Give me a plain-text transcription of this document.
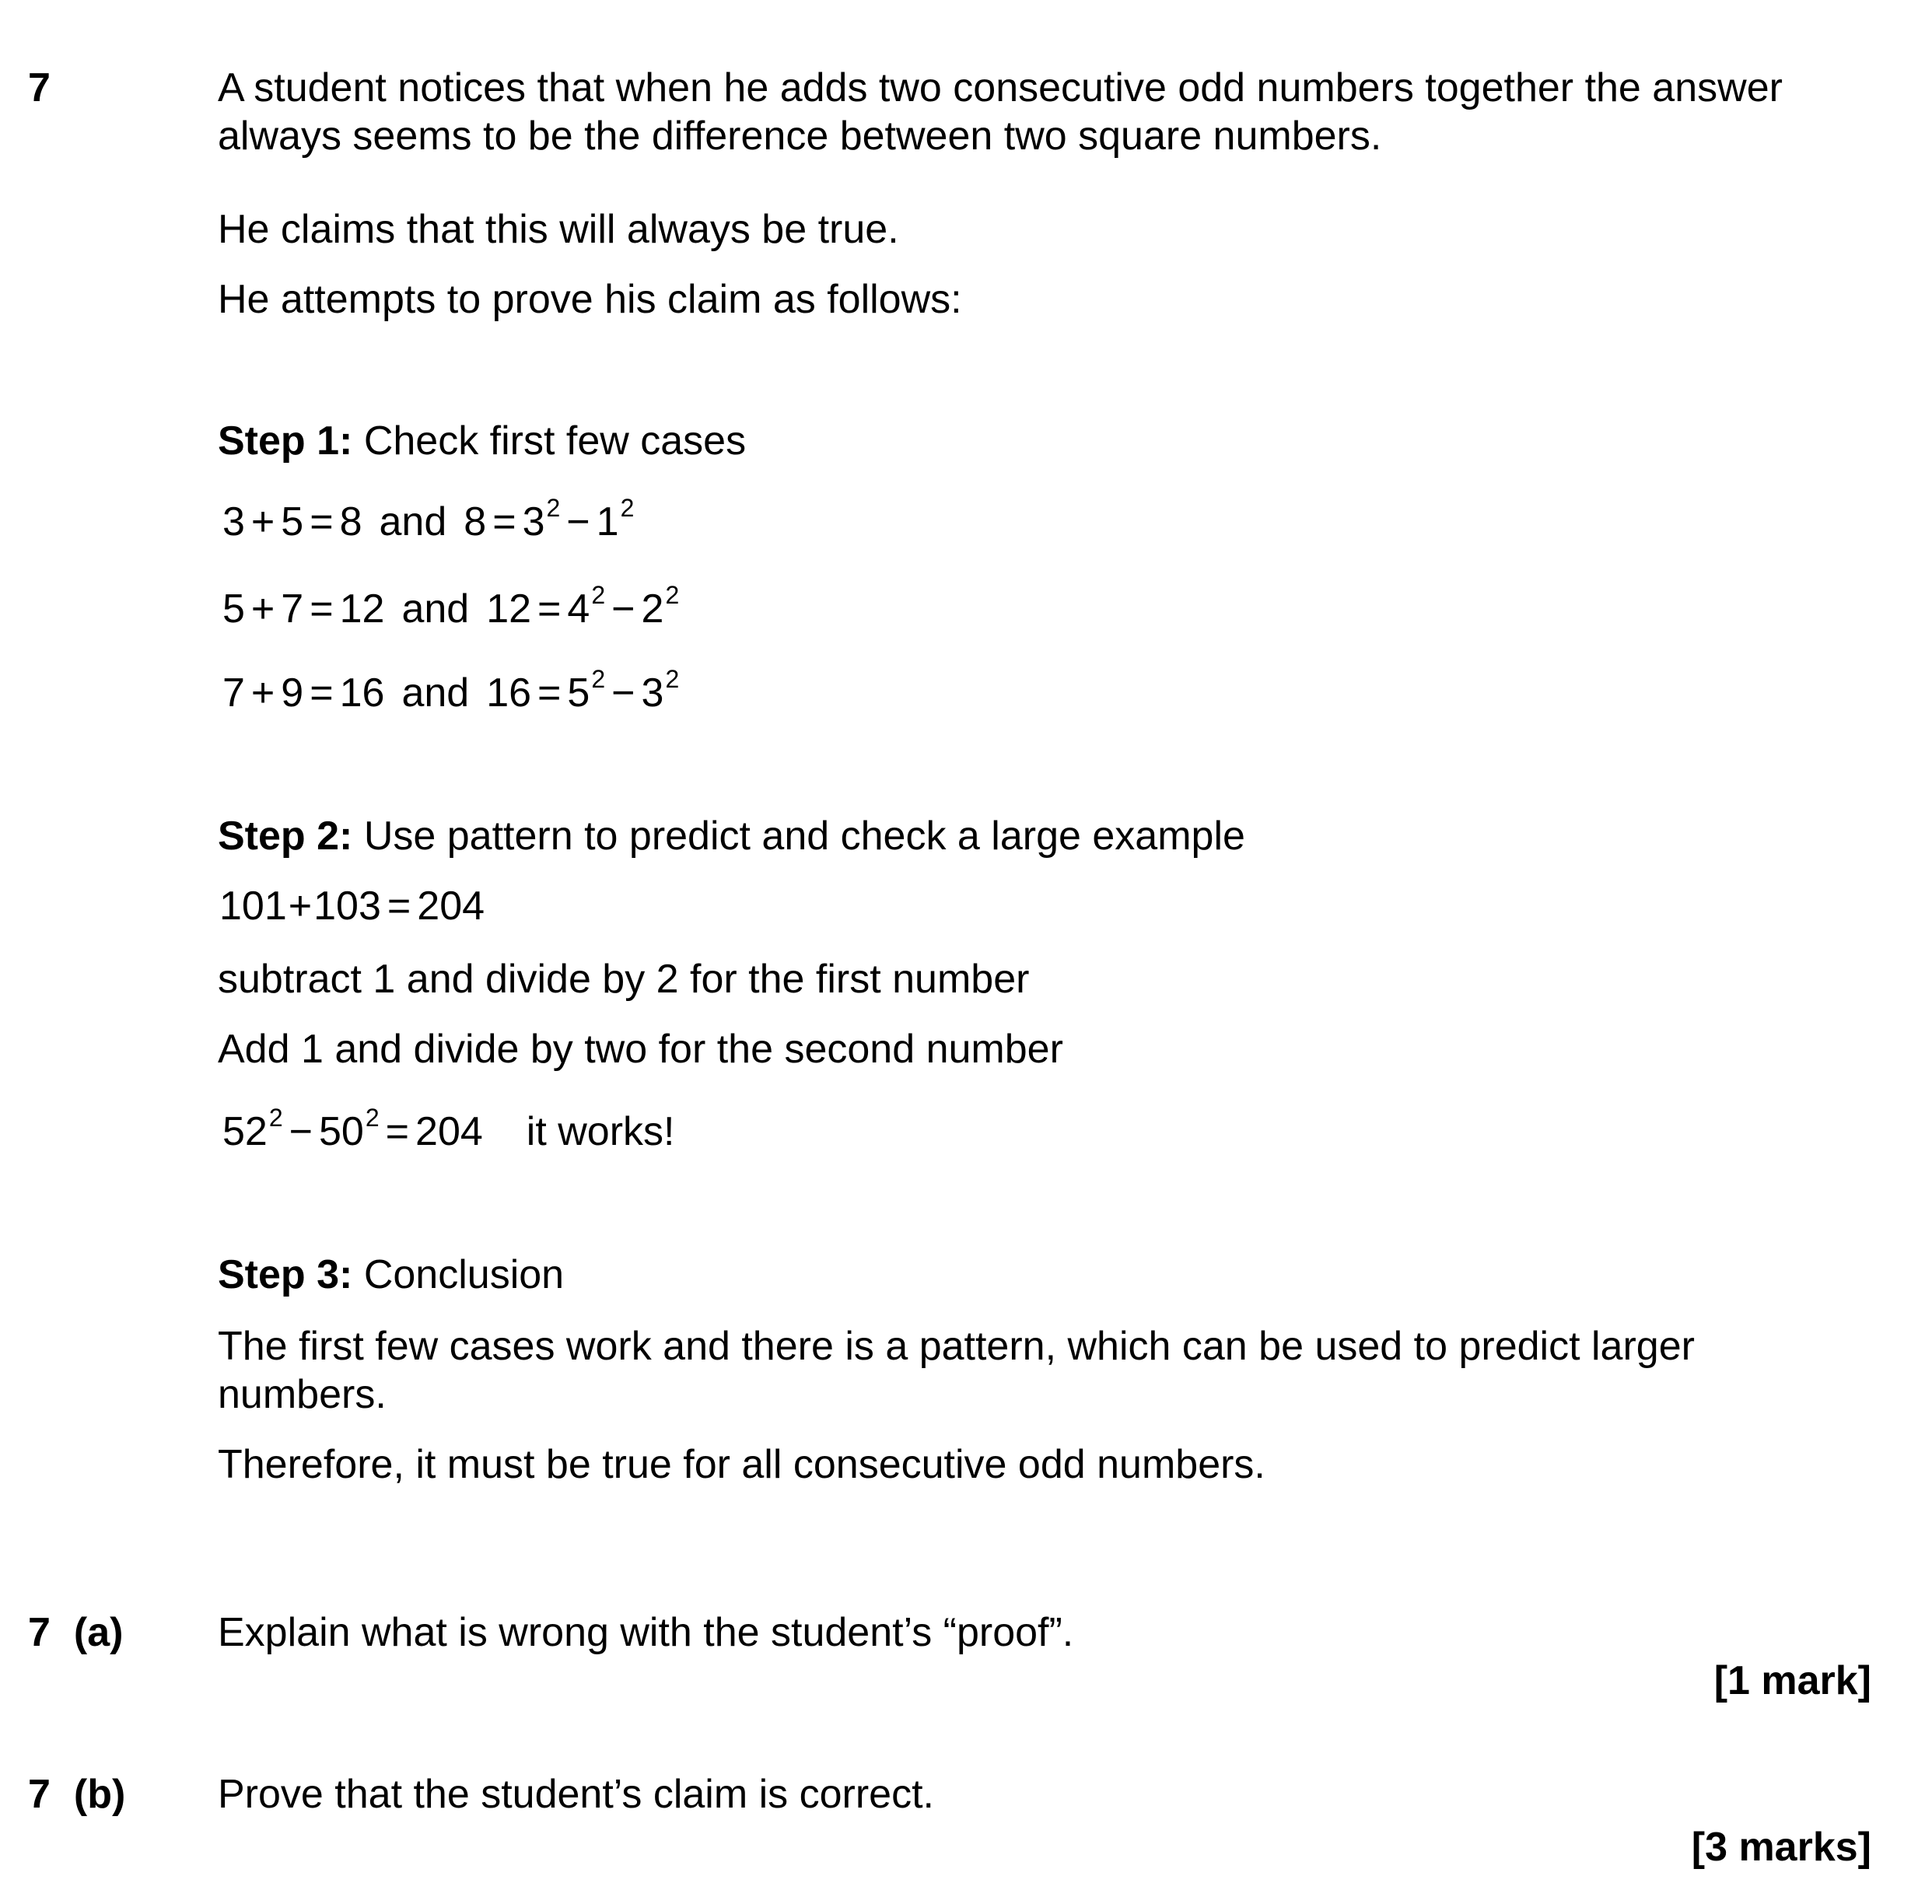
7	A student notices that when he adds two consecutive odd numbers together the answer always seems to be the difference between two square numbers.
He claims that this will always be true.
He attempts to prove his claim as follows:
Step 1: Check first few cases
3 + 5 = 8 and $8 = 3^2 - 1^2$
5 + 7 = 12 and $12 = 4^2 - 2^2$
7 + 9 = 16 and $16 = 5^2 - 3^2$
Step 2: Use pattern to predict and check a large example
101+103 = 204
subtract 1 and divide by 2 for the first number
Add 1 and divide by two for the second number
$52^2 - 50^2 = 204$ it works!
Step 3: Conclusion
The first few cases work and there is a pattern, which can be used to predict larger numbers.
Therefore, it must be true for all consecutive odd numbers.
7 (a) Explain what is wrong with the student’s “proof”.
[1 mark]
7 (b) Prove that the student’s claim is correct.
[3 marks]
